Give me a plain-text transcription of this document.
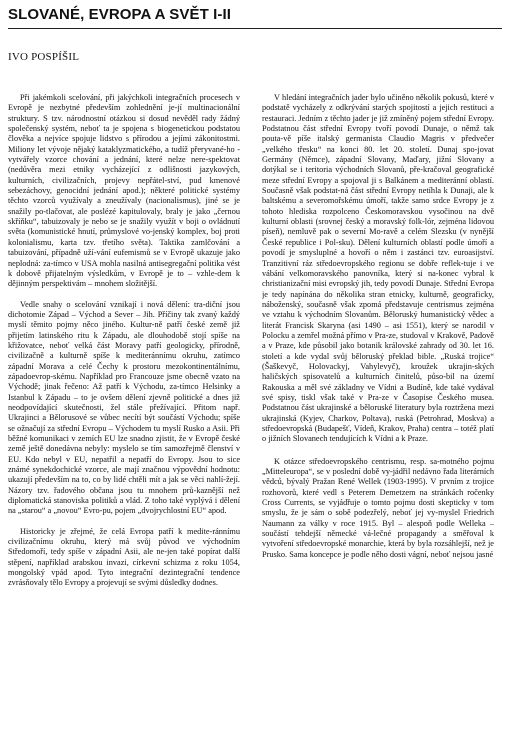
SLOVANÉ, EVROPA A SVĚT I-II
IVO POSPÍŠIL

Při jakémkoli scelování, při jakýchkoli integračních procesech v Evropě je nezbytné především zohlednění je-jí multinacionální struktury. S tzv. národnostní otázkou si dosud nevěděl rady žádný společenský systém, neboť ta je spojena s biogenetickou podstatou člověka a nejvíce spojuje lidstvo s přírodou a jejími zákonitostmi. Miliony let vývoje nějaký kataklyzmatického, a tudíž přeryvané-ho - vytvářely vzorce chování a jednání, které nelze nere-spektovat (nedůvěra mezi etniky vycházející z odlišnosti jazykových, kulturních, civilizačních, projevy nepřátel-ství, pud kmenové sebezáchovy, genocidní jednání apod.); některé politické systémy těchto vzorců využívaly a zneužívaly (nacionalismus), jiné se je snažily po-tlačovat, ale poslézé kapitulovaly, braly je jako „černou skříňku“, tabuizovaly je nebo se je snažily využít v boji o ovládnutí světa (komunistické hnutí, průmyslové vo-jenský komplex, boj proti kolonialismu, karta tzv. třetího světa). Taktika zamlčování a tabuizování, případně uží-vání eufemismů se v Evropě ukazuje jako neplodná: za-tímco v USA mohla nasilná antisegregační politika vést k dobově přijatelným výsledkům, v Evropě je to – vzhle-dem k dějinným perspektivám – mnohem složitější.

Vedle snahy o scelování vznikají i nová dělení: tra-diční jsou dichotomie Západ – Východ a Sever – Jih. Příčiny tak zvaný každý myslí těmito pojmy něco jiného. Kultur-ně patří české země již přijetím latinského ritu k Západu, ale dlouhodobě stojí spíše na křižovatce, neboť velká část Moravy patří geologicky, přírodně, civilizačně a kulturně spíše k mediteránnímu okruhu, zatímco západní Morava a celé Čechy k prostoru mezokontinentálnímu, západoevrop-skému. Například pro Francouze jsme obecně vzato na Východě; jinak řečeno: Až patří k Východu, za-tímco Helsinky a Istanbul k Západu – to je ovšem dělení zjevně politické a dnes již neodpovídající skutečnosti, žel stále přežívající. Přitom např. Ukrajinci a Bělorusové se vůbec necítí být součástí Východu; spíše se ožnačují za střední Evropu – Východem tu myslí Rusko a Asii. Při běžné komunikaci v zemích EU lze snadno zjistit, že v Evropě české země ještě donedávna nebyly: myslelo se tím samozřejmě členství v EU. Kdo nebyl v EU, nepatřil a nepatří do Evropy. Jsou to sice známé synekdochické vzorce, ale mají značnou výpovědní hodnotu: ukazují především na to, co by lidé chtěli mít a jak se věci nahlí-žejí. Názory tzv. řadového občana jsou tu mnohem prů-kaznější než diplomatická stanoviska politiků a vlád. Z toho také vyplývá i dělení na „starou“ a „novou“ Evro-pu, pojem „dvojrychlostní EU“ apod.

Historicky je zřejmé, že celá Evropa patří k medite-ránnímu civilizačnímu okruhu, který má svůj původ ve východním Středomoří, tedy spíše v západní Asii, ale ne-jen také popírat další stěpení, například arabskou invazi, církevní schizma z roku 1054, mongolský vpád apod. Tyto integrační dezintegrační tendence zvrásňovaly tělo Evropy a projevují se svými důsledky dodnes.

V hledání integračních jader bylo učiněno několik pokusů, které v podstatě vycházely z odkrývání starých spojitostí a jejich restituci a restauraci. Jedním z těchto jader je již zmíněný pojem střední Evropy. Podstatnou část střední Evropy tvoří povodí Dunaje, o němž tak pouta-vě píše italský germanista Claudio Magris v předvečer „velkého třesku“ na konci 80. let 20. století. Dunaj spo-jovat Germány (Němce), západní Slovany, Maďary, jižní Slovany a dotýkal se i teritoria východních Slovanů, pře-kračoval geografické meze střední Evropy a spojoval ji s Balkánem a mediteránní oblastí. Současně však podstat-ná část střední Evropy netíhla k Dunaji, ale k baltskému a severomořskému úmoří, takže samo srdce Evropy je z tohoto hlediska rozpolceno Českomoravskou vysočinou na dvě kulturní oblasti (srovnej český a moravský folk-lór, zejména lidovou píseň), nemluvě pak o severní Mo-ravě a celém Slezsku (v nynější České republice i Pol-sku). Dělení kulturních oblastí podle úmoří a povodí je smysluplné a hovoří o něm i zastánci tzv. euroasijství. Tranzitivní ráz středoevropského regionu se dobře reflek-tuje i ve vábání velkomoravského panovníka, který si na-konec vybral k christianizační misi evropský jih, tedy povodí Dunaje. Střední Evropa je tedy napínána do několika stran etnicky, kulturně, geograficky, náboženský, současně však zpomá představuje centrismus zejména ve vztahu k východním Slovanům. Běloruský humanistický vědec a literát Francisk Skaryna (asi 1490 – asi 1551), který se narodil v Polocku a zemřel možná přímo v Pra-ze, studoval v Krakově, Padově a v Praze, kde působil jako botanik královské zahrady od 30. let 16. století a kde vydal svůj běloruský překlad bible. „Ruská trojice“ (Šaškevyč, Holovackyj, Vahylevyč), kroužek ukrajin-ských haličských spisovatelů a kulturních činitelů, půso-bil na území Rakouska a měl své základny ve Vídni a Budíně, kde také vydával své spisy, tiskl však také v Pra-ze v Časopise Českého musea. Podstatnou část ukrajinské a běloruské literatury byla roztržena mezi ukrajinská (Kyjev, Charkov, Poltava), ruská (Petrohrad, Moskva) a středoevropská (Budapešť, Vídeň, Krakov, Praha) centra – totéž platí o jižních Slovanech tendujících k Vídni a k Praze.

K otázce středoevropského centrismu, resp. sa-motného pojmu „Mitteleuropa“, se v poslední době vy-jádřil nedávno řada literárních vědců, bývalý Pražan René Wellek (1903-1995). V prvním z trojice rozhovorů, které vedl s Peterem Demetzem na stránkách ročenky Cross Currents, se vyjádřuje o tomto pojmu dosti skepticky v tom smyslu, že je sám o sobě podezřelý, neboť jej vy-myslel Friedrich Naumann za války v roce 1915. Byl – alespoň podle Welleka – součástí tehdejší německé vá-lečné propagandy a směřoval k vytvoření středoevropské monarchie, která by byla rozsáhlejší, než je Prusko. Sama koncepce je podle něho dosti vágní, neboť nejsou jasné
